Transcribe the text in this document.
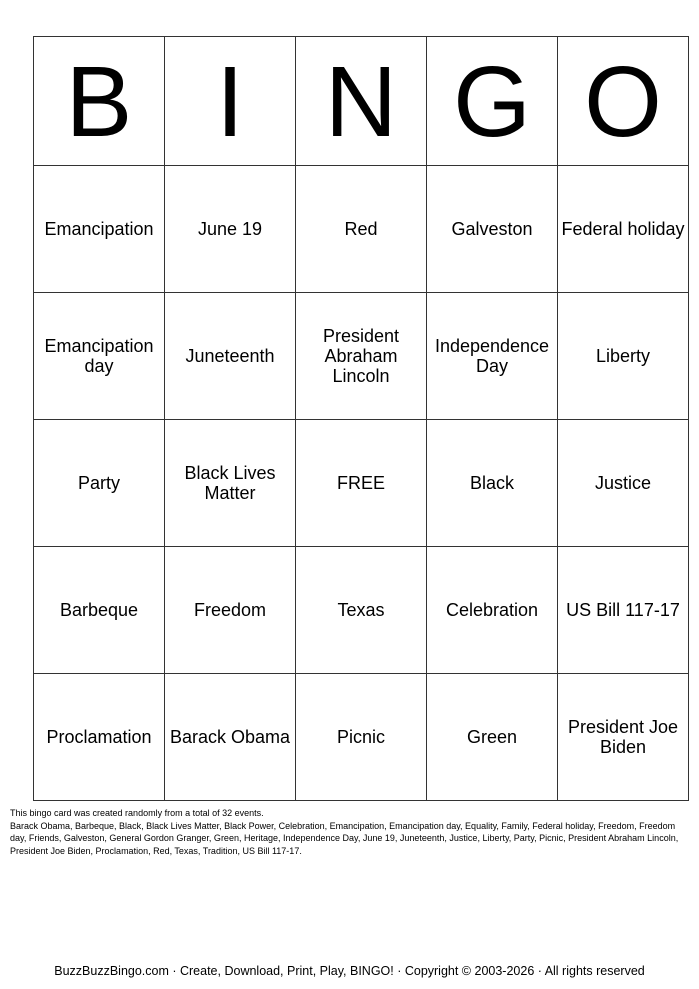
B	I	N	G	O
Emancipation	June 19	Red	Galveston	Federal holiday
Emancipation day	Juneteenth	President Abraham Lincoln	Independence Day	Liberty
Party	Black Lives Matter	FREE	Black	Justice
Barbeque	Freedom	Texas	Celebration	US Bill 117-17
Proclamation	Barack Obama	Picnic	Green	President Joe Biden

This bingo card was created randomly from a total of 32 events.
Barack Obama, Barbeque, Black, Black Lives Matter, Black Power, Celebration, Emancipation, Emancipation day, Equality, Family, Federal holiday, Freedom, Freedom day, Friends, Galveston, General Gordon Granger, Green, Heritage, Independence Day, June 19, Juneteenth, Justice, Liberty, Party, Picnic, President Abraham Lincoln, President Joe Biden, Proclamation, Red, Texas, Tradition, US Bill 117-17.

BuzzBuzzBingo.com · Create, Download, Print, Play, BINGO! · Copyright © 2003-2026 · All rights reserved
